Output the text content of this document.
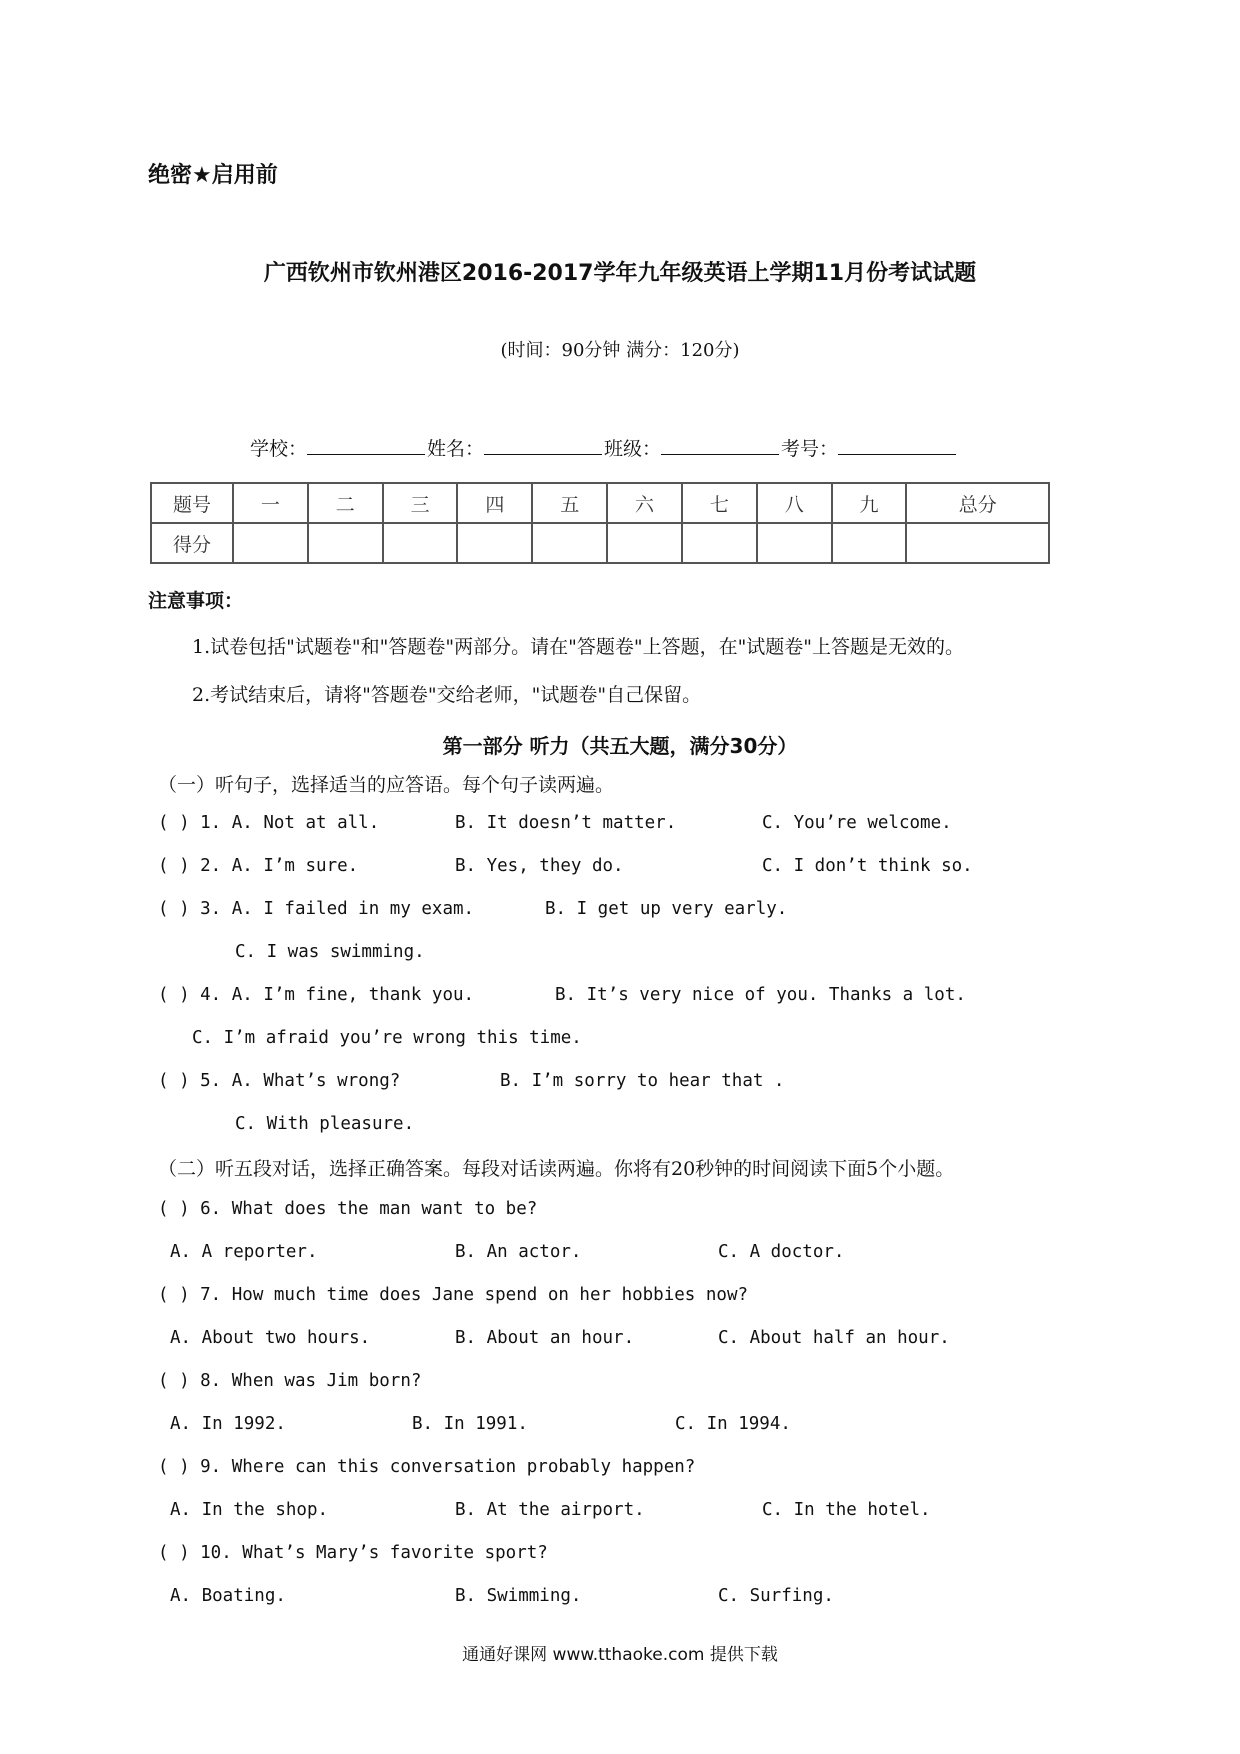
绝密★启用前
广西钦州市钦州港区2016-2017学年九年级英语上学期11月份考试试题
(时间：90分钟 满分：120分)
学校：	姓名：	班级：	考号：
题号	一	二	三	四	五	六	七	八	九	总分
得分										
注意事项：
1.试卷包括"试题卷"和"答题卷"两部分。请在"答题卷"上答题，在"试题卷"上答题是无效的。
2.考试结束后，请将"答题卷"交给老师，"试题卷"自己保留。
第一部分 听力（共五大题，满分30分）
（一）听句子，选择适当的应答语。每个句子读两遍。
( ) 1. A. Not at all.	B. It doesn’t matter.	C. You’re welcome.
( ) 2. A. I’m sure.	B. Yes, they do.	C. I don’t think so.
( ) 3. A. I failed in my exam.	B. I get up very early.
C. I was swimming.
( ) 4. A. I’m fine, thank you.	B. It’s very nice of you. Thanks a lot.
C. I’m afraid you’re wrong this time.
( ) 5. A. What’s wrong?	B. I’m sorry to hear that .
C. With pleasure.
（二）听五段对话，选择正确答案。每段对话读两遍。你将有20秒钟的时间阅读下面5个小题。
( ) 6. What does the man want to be?
A. A reporter.	B. An actor.	C. A doctor.
( ) 7. How much time does Jane spend on her hobbies now?
A. About two hours.	B. About an hour.	C. About half an hour.
( ) 8. When was Jim born?
A. In 1992.	B. In 1991.	C. In 1994.
( ) 9. Where can this conversation probably happen?
A. In the shop.	B. At the airport.	C. In the hotel.
( ) 10. What’s Mary’s favorite sport?
A. Boating.	B. Swimming.	C. Surfing.
通通好课网 www.tthaoke.com 提供下载
